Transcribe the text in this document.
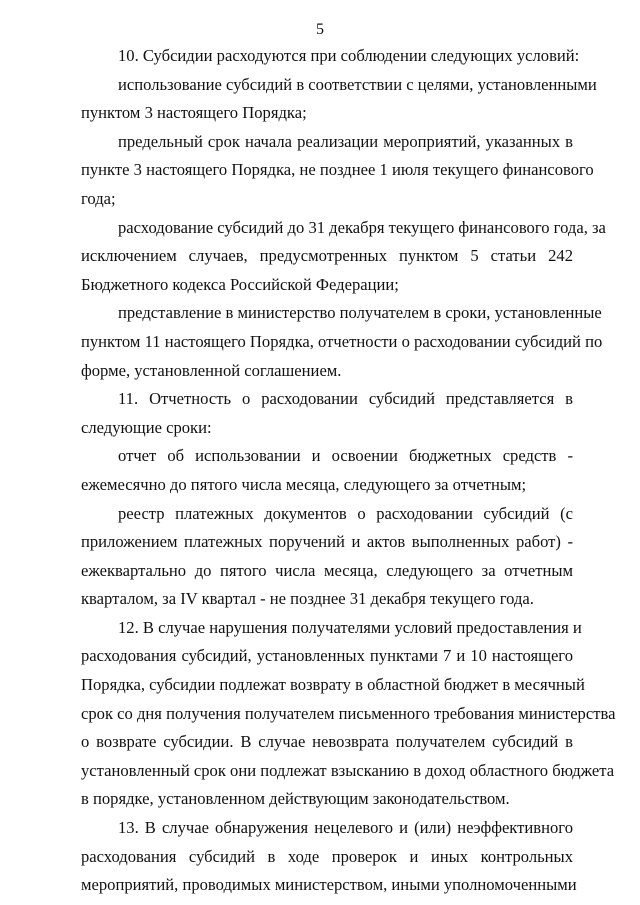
5
10. Субсидии расходуются при соблюдении следующих условий:
использование субсидий в соответствии с целями, установленными
пунктом 3 настоящего Порядка;
предельный срок начала реализации мероприятий, указанных в
пункте 3 настоящего Порядка, не позднее 1 июля текущего финансового
года;
расходование субсидий до 31 декабря текущего финансового года, за
исключением случаев, предусмотренных пунктом 5 статьи 242
Бюджетного кодекса Российской Федерации;
представление в министерство получателем в сроки, установленные
пунктом 11 настоящего Порядка, отчетности о расходовании субсидий по
форме, установленной соглашением.
11. Отчетность о расходовании субсидий представляется в
следующие сроки:
отчет об использовании и освоении бюджетных средств -
ежемесячно до пятого числа месяца, следующего за отчетным;
реестр платежных документов о расходовании субсидий (с
приложением платежных поручений и актов выполненных работ) -
ежеквартально до пятого числа месяца, следующего за отчетным
кварталом, за IV квартал - не позднее 31 декабря текущего года.
12. В случае нарушения получателями условий предоставления и
расходования субсидий, установленных пунктами 7 и 10 настоящего
Порядка, субсидии подлежат возврату в областной бюджет в месячный
срок со дня получения получателем письменного требования министерства
о возврате субсидии. В случае невозврата получателем субсидий в
установленный срок они подлежат взысканию в доход областного бюджета
в порядке, установленном действующим законодательством.
13. В случае обнаружения нецелевого и (или) неэффективного
расходования субсидий в ходе проверок и иных контрольных
мероприятий, проводимых министерством, иными уполномоченными
